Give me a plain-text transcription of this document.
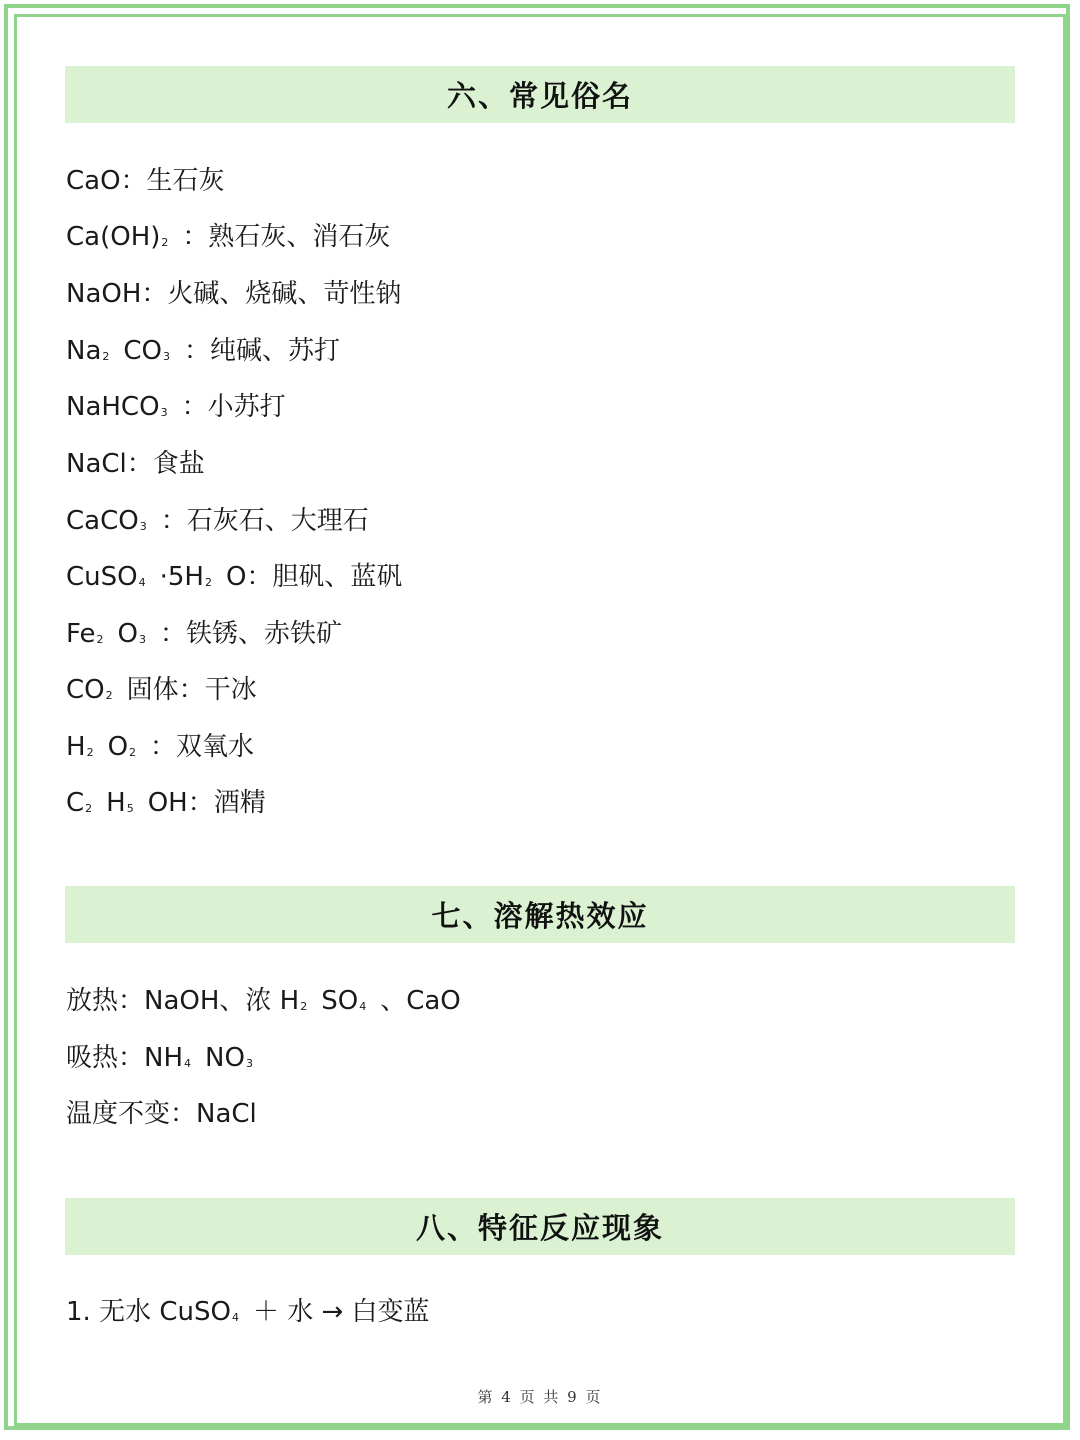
六、常见俗名
CaO：生石灰
$Ca(OH)_2$ ：熟石灰、消石灰
NaOH：火碱、烧碱、苛性钠
$Na_2$ $CO_3$ ：纯碱、苏打
NaHCO$_3$ ：小苏打
NaCl：食盐
CaCO$_3$ ：石灰石、大理石
CuSO$_4$ $\cdot 5H_2$ O：胆矾、蓝矾
$Fe_2$ $O_3$ ：铁锈、赤铁矿
$CO_2$ 固体：干冰
$H_2$ $O_2$ ：双氧水
$C_2$ $H_5$ OH：酒精
七、溶解热效应
放热：NaOH、浓 $H_2$ $SO_4$ 、CaO
吸热：$NH_4$ $NO_3$
温度不变：NaCl
八、特征反应现象
1. 无水 CuSO$_4$ ＋ 水 → 白变蓝
第 4 页 共 9 页
